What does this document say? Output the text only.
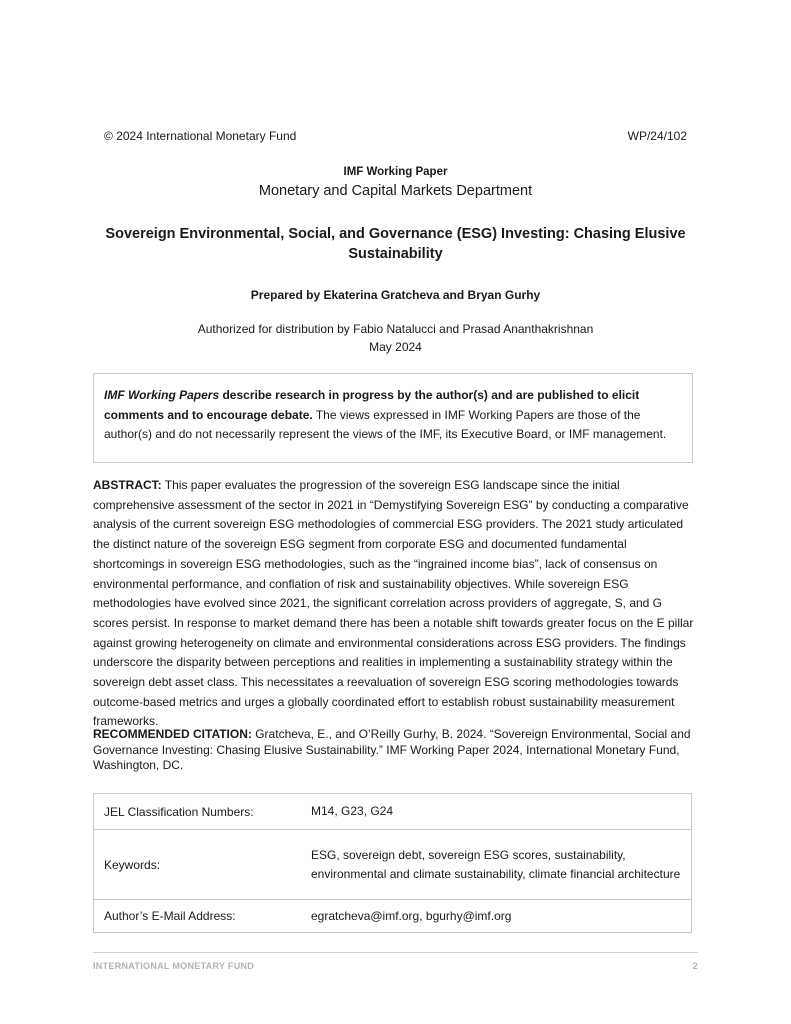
© 2024 International Monetary Fund	WP/24/102
IMF Working Paper
Monetary and Capital Markets Department
Sovereign Environmental, Social, and Governance (ESG) Investing: Chasing Elusive
Sustainability
Prepared by Ekaterina Gratcheva and Bryan Gurhy
Authorized for distribution by Fabio Natalucci and Prasad Ananthakrishnan
May 2024
IMF Working Papers describe research in progress by the author(s) and are published to elicit comments and to encourage debate. The views expressed in IMF Working Papers are those of the author(s) and do not necessarily represent the views of the IMF, its Executive Board, or IMF management.
ABSTRACT: This paper evaluates the progression of the sovereign ESG landscape since the initial comprehensive assessment of the sector in 2021 in “Demystifying Sovereign ESG” by conducting a comparative analysis of the current sovereign ESG methodologies of commercial ESG providers. The 2021 study articulated the distinct nature of the sovereign ESG segment from corporate ESG and documented fundamental shortcomings in sovereign ESG methodologies, such as the “ingrained income bias”, lack of consensus on environmental performance, and conflation of risk and sustainability objectives. While sovereign ESG methodologies have evolved since 2021, the significant correlation across providers of aggregate, S, and G scores persist. In response to market demand there has been a notable shift towards greater focus on the E pillar against growing heterogeneity on climate and environmental considerations across ESG providers. The findings underscore the disparity between perceptions and realities in implementing a sustainability strategy within the sovereign debt asset class. This necessitates a reevaluation of sovereign ESG scoring methodologies towards outcome-based metrics and urges a globally coordinated effort to establish robust sustainability measurement frameworks.
RECOMMENDED CITATION: Gratcheva, E., and O’Reilly Gurhy, B. 2024. “Sovereign Environmental, Social and Governance Investing: Chasing Elusive Sustainability.” IMF Working Paper 2024, International Monetary Fund, Washington, DC.
JEL Classification Numbers:	M14, G23, G24
Keywords:	ESG, sovereign debt, sovereign ESG scores, sustainability, environmental and climate sustainability, climate financial architecture
Author’s E-Mail Address:	egratcheva@imf.org, bgurhy@imf.org
INTERNATIONAL MONETARY FUND	2
